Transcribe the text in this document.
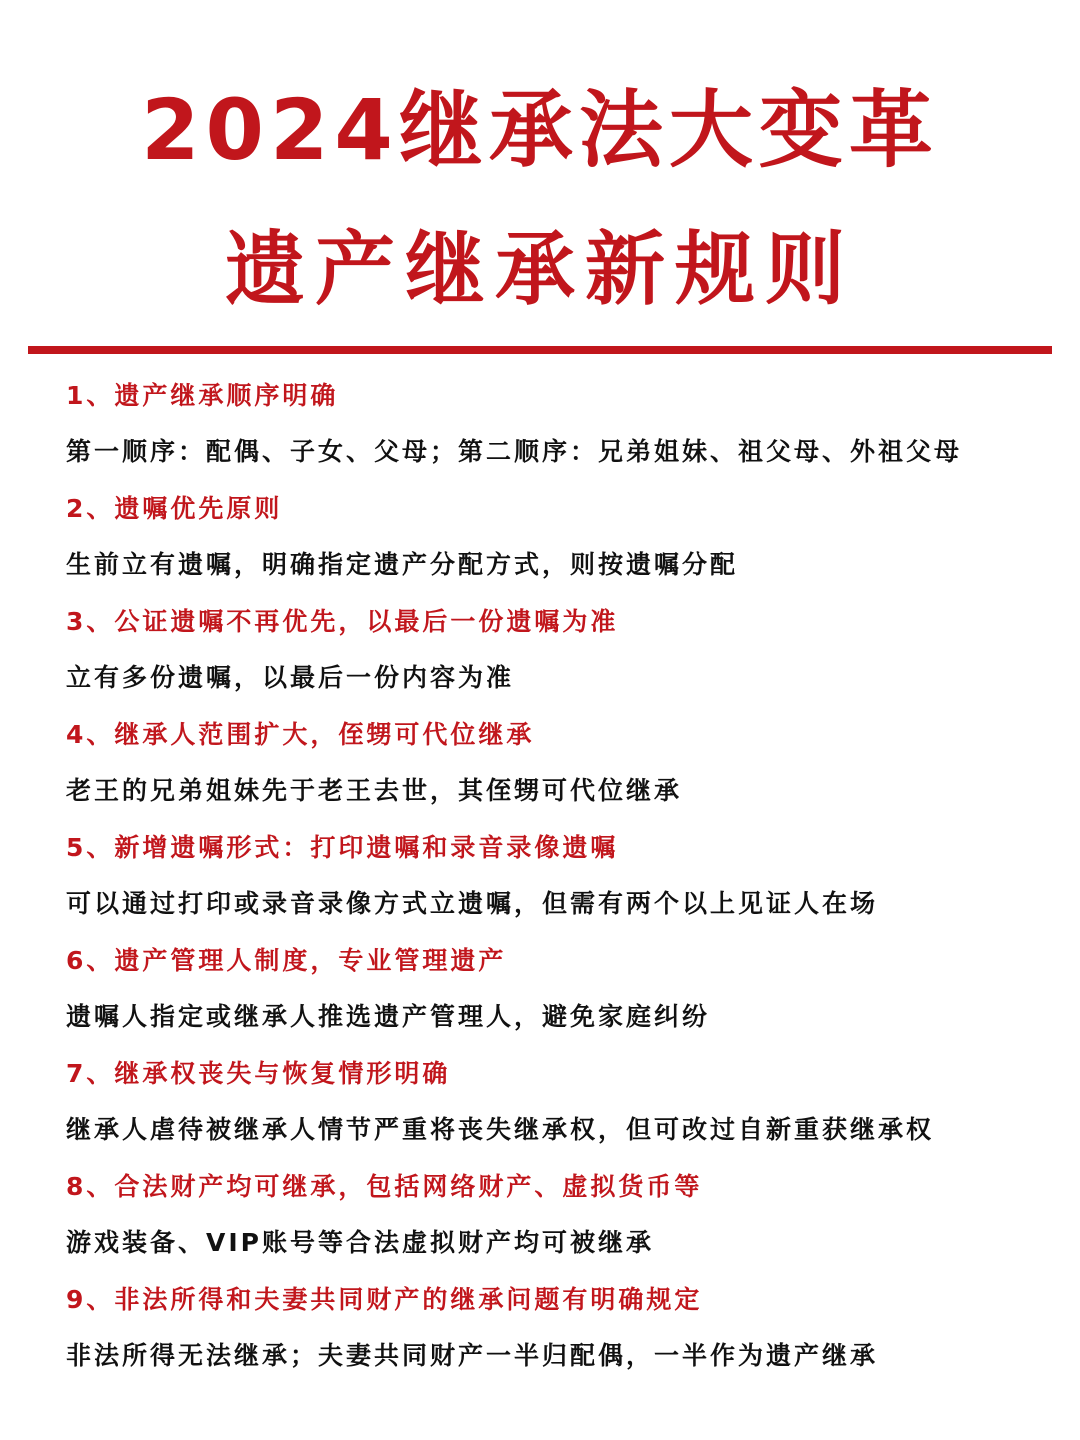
2024继承法大变革
遗产继承新规则
1、遗产继承顺序明确
第一顺序：配偶、子女、父母；第二顺序：兄弟姐妹、祖父母、外祖父母
2、遗嘱优先原则
生前立有遗嘱，明确指定遗产分配方式，则按遗嘱分配
3、公证遗嘱不再优先，以最后一份遗嘱为准
立有多份遗嘱，以最后一份内容为准
4、继承人范围扩大，侄甥可代位继承
老王的兄弟姐妹先于老王去世，其侄甥可代位继承
5、新增遗嘱形式：打印遗嘱和录音录像遗嘱
可以通过打印或录音录像方式立遗嘱，但需有两个以上见证人在场
6、遗产管理人制度，专业管理遗产
遗嘱人指定或继承人推选遗产管理人，避免家庭纠纷
7、继承权丧失与恢复情形明确
继承人虐待被继承人情节严重将丧失继承权，但可改过自新重获继承权
8、合法财产均可继承，包括网络财产、虚拟货币等
游戏装备、VIP账号等合法虚拟财产均可被继承
9、非法所得和夫妻共同财产的继承问题有明确规定
非法所得无法继承；夫妻共同财产一半归配偶，一半作为遗产继承
